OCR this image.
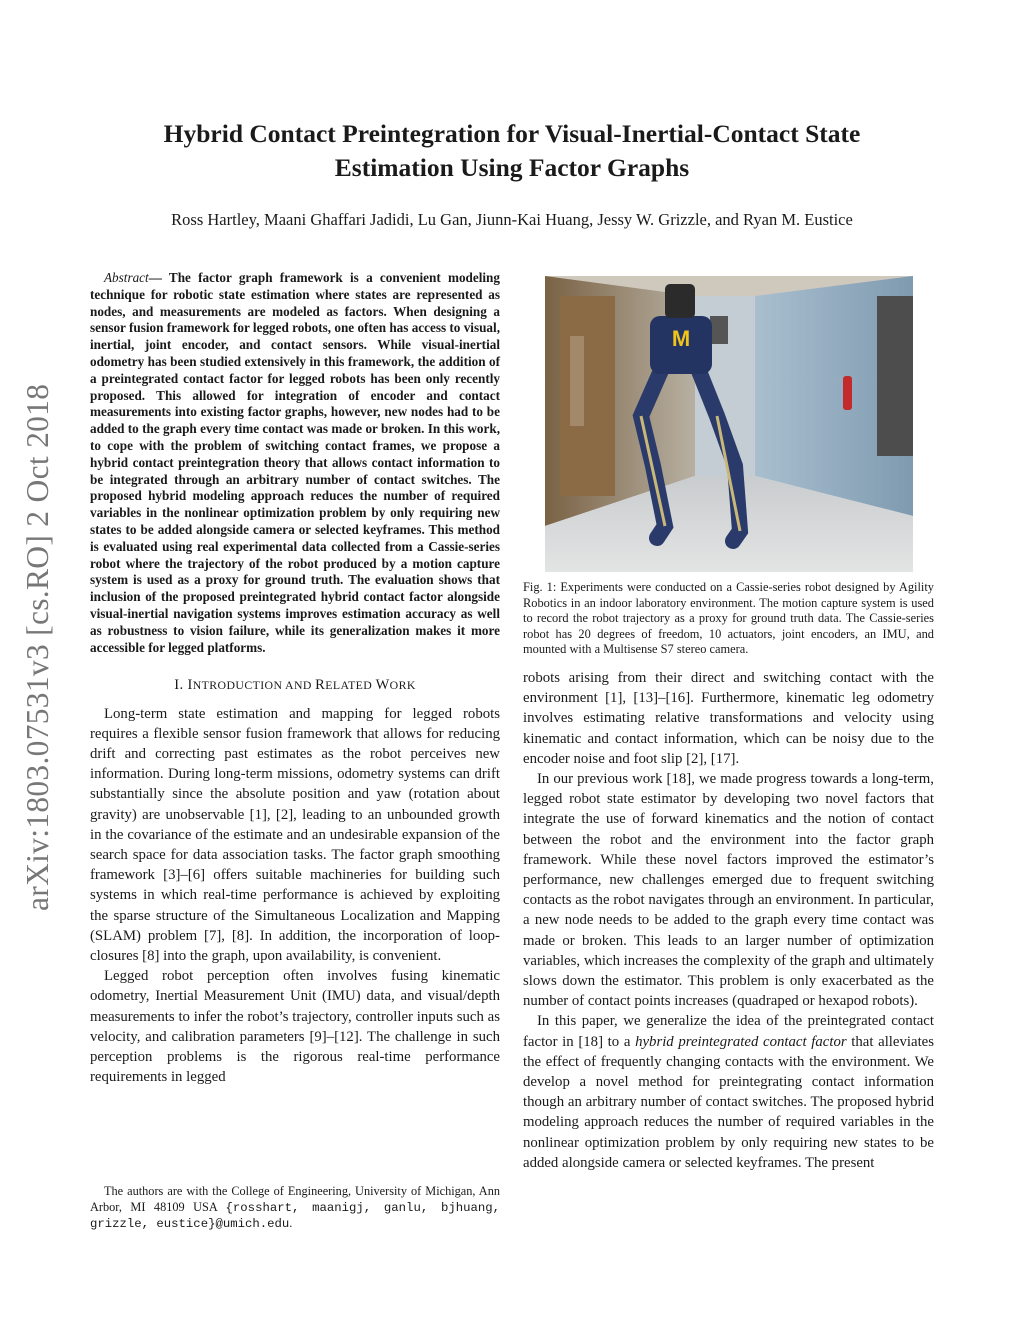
arXiv:1803.07531v3 [cs.RO] 2 Oct 2018
Hybrid Contact Preintegration for Visual-Inertial-Contact State Estimation Using Factor Graphs
Ross Hartley, Maani Ghaffari Jadidi, Lu Gan, Jiunn-Kai Huang, Jessy W. Grizzle, and Ryan M. Eustice

Abstract— The factor graph framework is a convenient modeling technique for robotic state estimation where states are represented as nodes, and measurements are modeled as factors. When designing a sensor fusion framework for legged robots, one often has access to visual, inertial, joint encoder, and contact sensors. While visual-inertial odometry has been studied extensively in this framework, the addition of a preintegrated contact factor for legged robots has been only recently proposed. This allowed for integration of encoder and contact measurements into existing factor graphs, however, new nodes had to be added to the graph every time contact was made or broken. In this work, to cope with the problem of switching contact frames, we propose a hybrid contact preintegration theory that allows contact information to be integrated through an arbitrary number of contact switches. The proposed hybrid modeling approach reduces the number of required variables in the nonlinear optimization problem by only requiring new states to be added alongside camera or selected keyframes. This method is evaluated using real experimental data collected from a Cassie-series robot where the trajectory of the robot produced by a motion capture system is used as a proxy for ground truth. The evaluation shows that inclusion of the proposed preintegrated hybrid contact factor alongside visual-inertial navigation systems improves estimation accuracy as well as robustness to vision failure, while its generalization makes it more accessible for legged platforms.

I. INTRODUCTION AND RELATED WORK

Long-term state estimation and mapping for legged robots requires a flexible sensor fusion framework that allows for reducing drift and correcting past estimates as the robot perceives new information. During long-term missions, odometry systems can drift substantially since the absolute position and yaw (rotation about gravity) are unobservable [1], [2], leading to an unbounded growth in the covariance of the estimate and an undesirable expansion of the search space for data association tasks. The factor graph smoothing framework [3]–[6] offers suitable machineries for building such systems in which real-time performance is achieved by exploiting the sparse structure of the Simultaneous Localization and Mapping (SLAM) problem [7], [8]. In addition, the incorporation of loop-closures [8] into the graph, upon availability, is convenient.

Legged robot perception often involves fusing kinematic odometry, Inertial Measurement Unit (IMU) data, and visual/depth measurements to infer the robot’s trajectory, controller inputs such as velocity, and calibration parameters [9]–[12]. The challenge in such perception problems is the rigorous real-time performance requirements in legged

The authors are with the College of Engineering, University of Michigan, Ann Arbor, MI 48109 USA {rosshart, maanigj, ganlu, bjhuang, grizzle, eustice}@umich.edu.
M
Fig. 1: Experiments were conducted on a Cassie-series robot designed by Agility Robotics in an indoor laboratory environment. The motion capture system is used to record the robot trajectory as a proxy for ground truth data. The Cassie-series robot has 20 degrees of freedom, 10 actuators, joint encoders, an IMU, and mounted with a Multisense S7 stereo camera.

robots arising from their direct and switching contact with the environment [1], [13]–[16]. Furthermore, kinematic leg odometry involves estimating relative transformations and velocity using kinematic and contact information, which can be noisy due to the encoder noise and foot slip [2], [17].

In our previous work [18], we made progress towards a long-term, legged robot state estimator by developing two novel factors that integrate the use of forward kinematics and the notion of contact between the robot and the environment into the factor graph framework. While these novel factors improved the estimator’s performance, new challenges emerged due to frequent switching contacts as the robot navigates through an environment. In particular, a new node needs to be added to the graph every time contact was made or broken. This leads to an larger number of optimization variables, which increases the complexity of the graph and ultimately slows down the estimator. This problem is only exacerbated as the number of contact points increases (quadraped or hexapod robots).

In this paper, we generalize the idea of the preintegrated contact factor in [18] to a hybrid preintegrated contact factor that alleviates the effect of frequently changing contacts with the environment. We develop a novel method for preintegrating contact information though an arbitrary number of contact switches. The proposed hybrid modeling approach reduces the number of required variables in the nonlinear optimization problem by only requiring new states to be added alongside camera or selected keyframes. The present
